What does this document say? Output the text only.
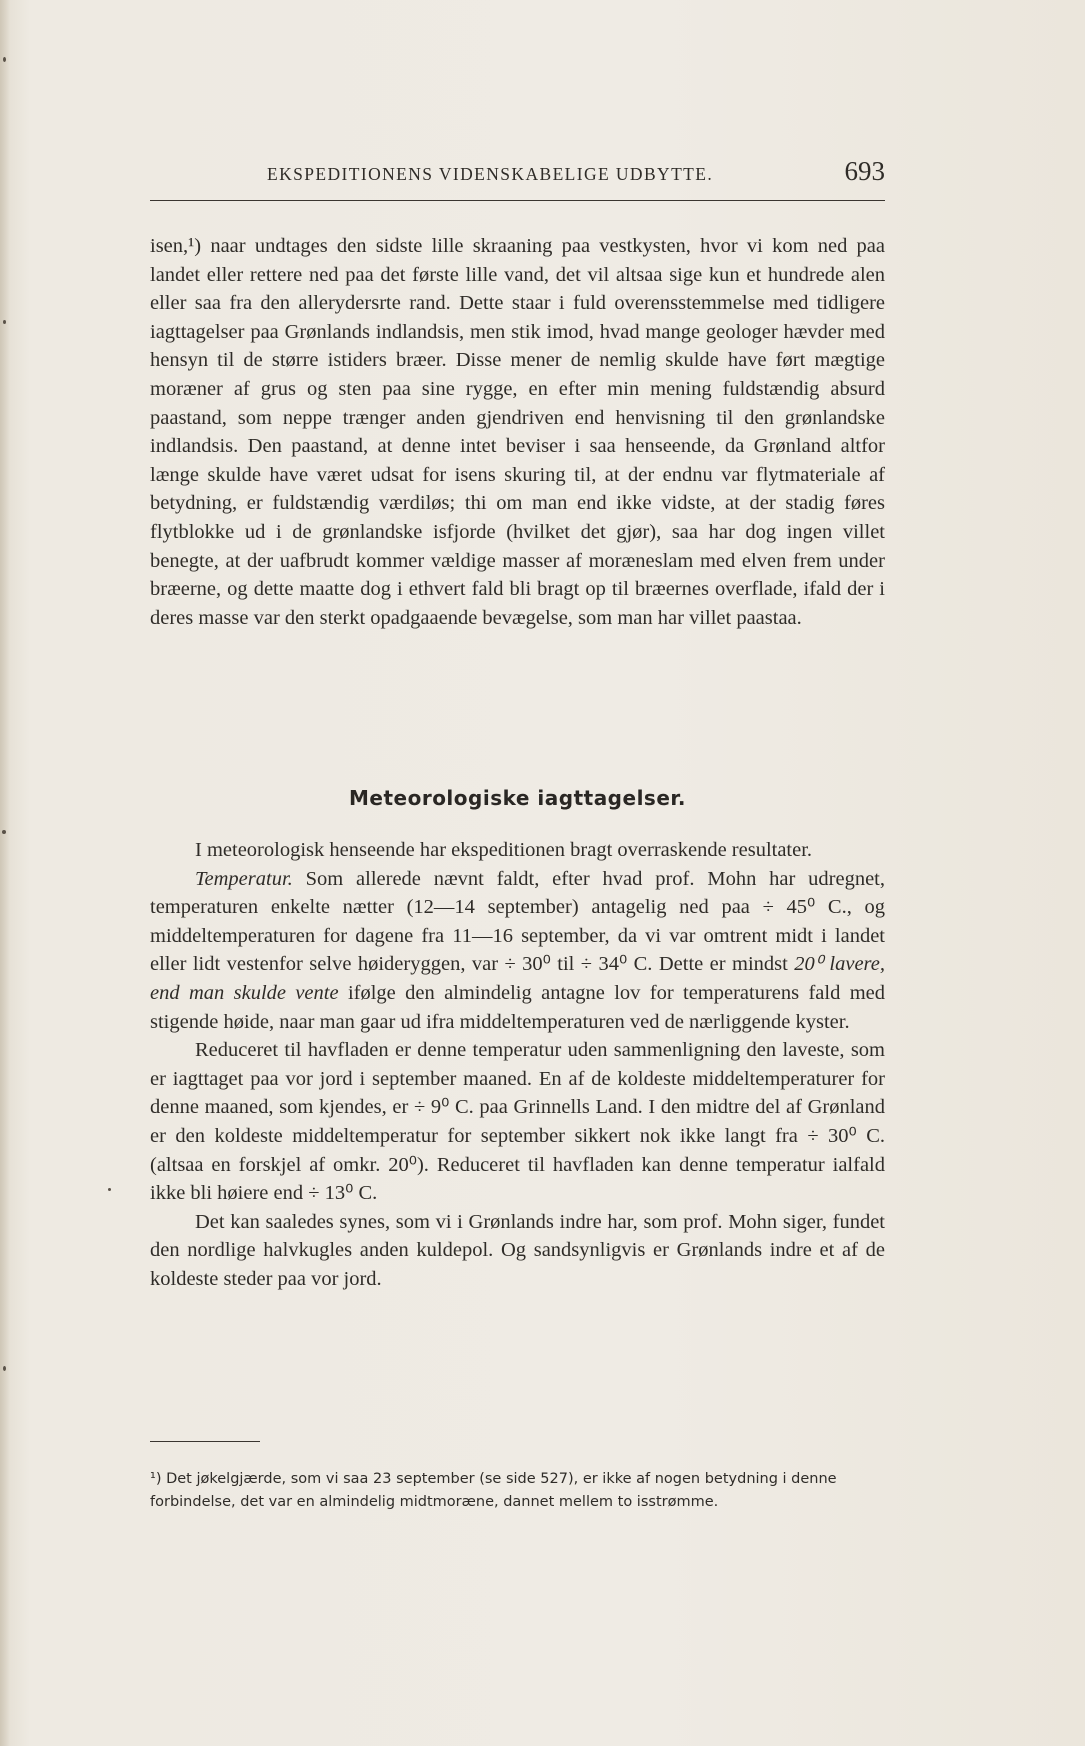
EKSPEDITIONENS VIDENSKABELIGE UDBYTTE.	693

isen,¹) naar undtages den sidste lille skraaning paa vestkysten, hvor vi kom ned paa landet eller rettere ned paa det første lille vand, det vil altsaa sige kun et hundrede alen eller saa fra den allerydersrte rand. Dette staar i fuld overensstemmelse med tidligere iagttagelser paa Grønlands indlandsis, men stik imod, hvad mange geologer hævder med hensyn til de større istiders bræer. Disse mener de nemlig skulde have ført mægtige moræner af grus og sten paa sine rygge, en efter min mening fuldstændig absurd paastand, som neppe trænger anden gjendriven end henvisning til den grønlandske indlandsis. Den paastand, at denne intet beviser i saa henseende, da Grønland altfor længe skulde have været udsat for isens skuring til, at der endnu var flytmateriale af betydning, er fuldstændig værdiløs; thi om man end ikke vidste, at der stadig føres flytblokke ud i de grønlandske isfjorde (hvilket det gjør), saa har dog ingen villet benegte, at der uafbrudt kommer vældige masser af moræneslam med elven frem under bræerne, og dette maatte dog i ethvert fald bli bragt op til bræernes overflade, ifald der i deres masse var den sterkt opadgaaende bevægelse, som man har villet paastaa.

Meteorologiske iagttagelser.

I meteorologisk henseende har ekspeditionen bragt overraskende resultater.

Temperatur. Som allerede nævnt faldt, efter hvad prof. Mohn har udregnet, temperaturen enkelte nætter (12—14 september) antagelig ned paa ÷ 45⁰ C., og middeltemperaturen for dagene fra 11—16 september, da vi var omtrent midt i landet eller lidt vestenfor selve høideryggen, var ÷ 30⁰ til ÷ 34⁰ C. Dette er mindst 20⁰ lavere, end man skulde vente ifølge den almindelig antagne lov for temperaturens fald med stigende høide, naar man gaar ud ifra middeltemperaturen ved de nærliggende kyster.

Reduceret til havfladen er denne temperatur uden sammenligning den laveste, som er iagttaget paa vor jord i september maaned. En af de koldeste middeltemperaturer for denne maaned, som kjendes, er ÷ 9⁰ C. paa Grinnells Land. I den midtre del af Grønland er den koldeste middeltemperatur for september sikkert nok ikke langt fra ÷ 30⁰ C. (altsaa en forskjel af omkr. 20⁰). Reduceret til havfladen kan denne temperatur ialfald ikke bli høiere end ÷ 13⁰ C.

Det kan saaledes synes, som vi i Grønlands indre har, som prof. Mohn siger, fundet den nordlige halvkugles anden kuldepol. Og sandsynligvis er Grønlands indre et af de koldeste steder paa vor jord.

¹) Det jøkelgjærde, som vi saa 23 september (se side 527), er ikke af nogen betydning i denne forbindelse, det var en almindelig midtmoræne, dannet mellem to isstrømme.
